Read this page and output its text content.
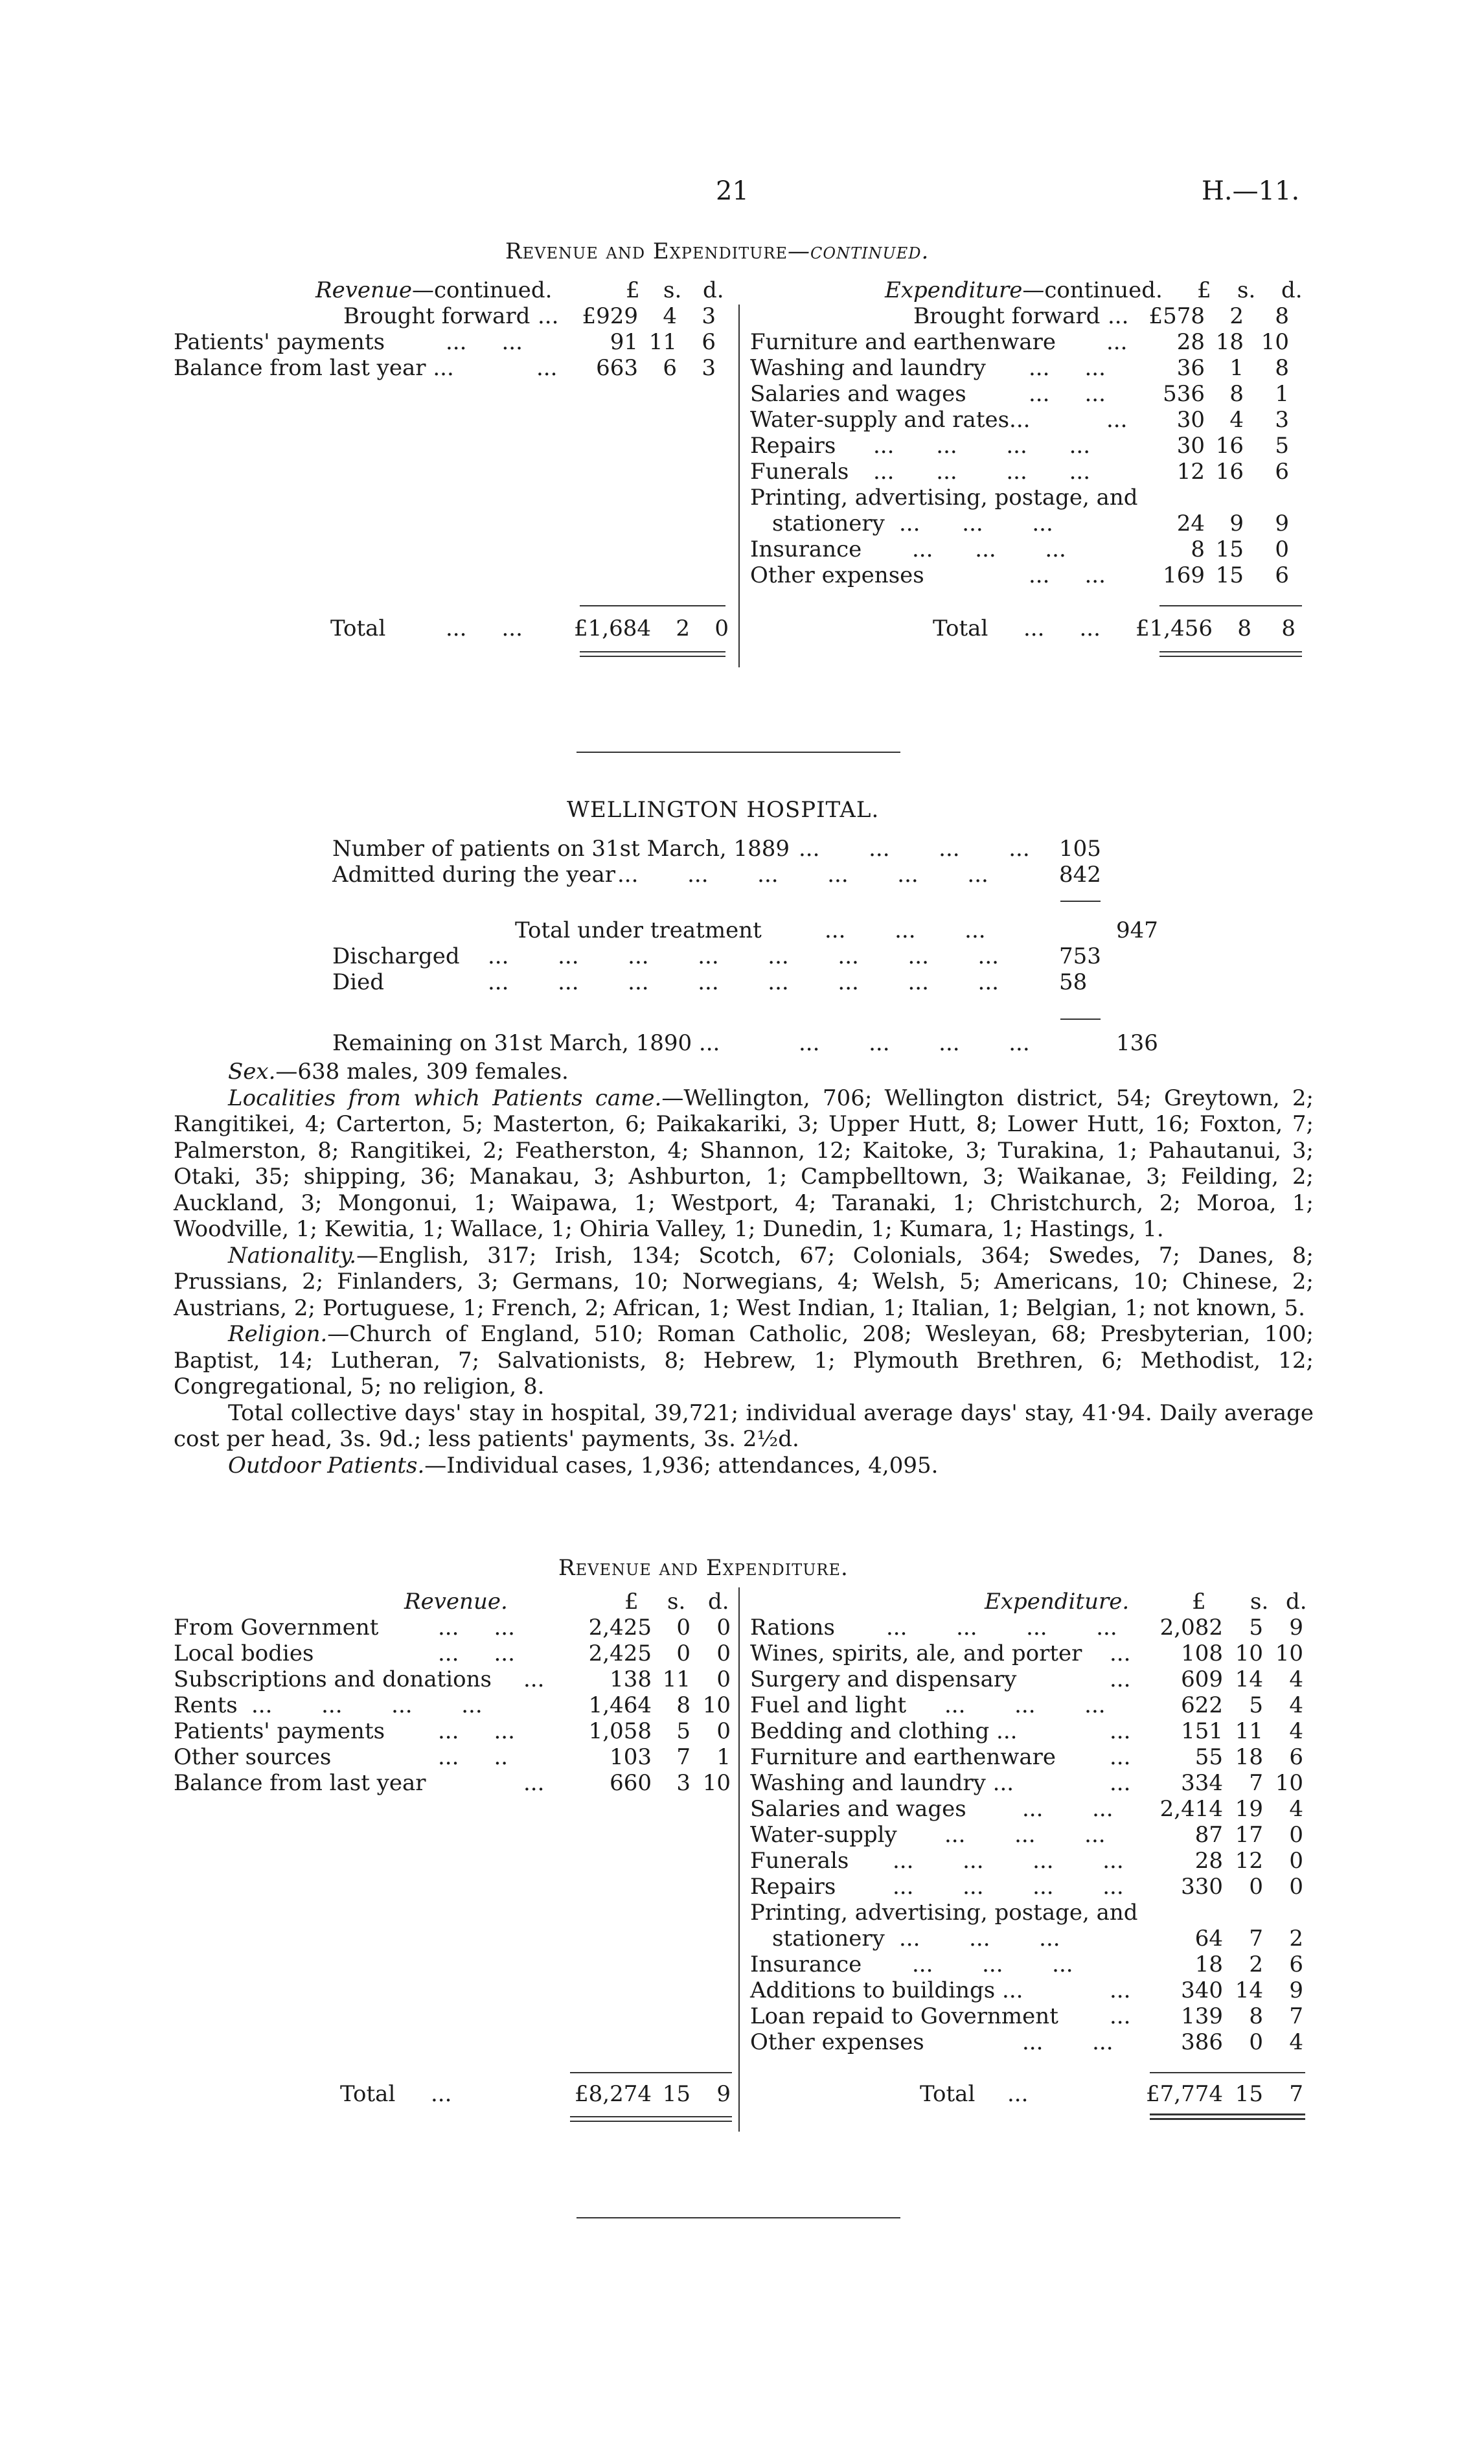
21	H.—11.
Revenue and Expenditure—continued.
Revenue—continued.	£ s. d.
Brought forward ...	£929	4	3
Patients' payments	...     ...	91 11	6
Balance from last year ...	...	663	6	3
Total	...     ... £1,684	2	0
Expenditure—continued. £ s. d.
Brought forward ... £578	2	8
Furniture and earthenware ...	28 18 10
Washing and laundry ...     ...	36	1	8
Salaries and wages	...     ...	536	8	1
Water-supply and rates...	...	30	4	3
Repairs ...      ...       ...      ...	30 16	5
Funerals ...      ...       ...      ...	12 16	6
Printing, advertising, postage, and
stationery ...      ...       ...	24	9	9
Insurance ...      ...       ...	8 15	0
Other expenses	...     ...	169 15	6
Total ...     ... £1,456	8	8
WELLINGTON HOSPITAL.
Number of patients on 31st March, 1889 ...       ...       ...       ... 105
Admitted during the year ...       ...       ...       ...       ...       ...	842
Total under treatment	...       ...       ...	947
Discharged ...       ...       ...       ...       ...       ...       ...       ...	753
Died	...       ...       ...       ...       ...       ...       ...       ...	58
Remaining on 31st March, 1890 ...	...       ...       ...       ...	136

Sex.—638 males, 309 females.

Localities from which Patients came.—Wellington, 706; Wellington district, 54; Greytown, 2; Rangitikei, 4; Carterton, 5; Masterton, 6; Paikakariki, 3; Upper Hutt, 8; Lower Hutt, 16; Foxton, 7; Palmerston, 8; Rangitikei, 2; Featherston, 4; Shannon, 12; Kaitoke, 3; Turakina, 1; Pahautanui, 3; Otaki, 35; shipping, 36; Manakau, 3; Ashburton, 1; Campbelltown, 3; Waikanae, 3; Feilding, 2; Auckland, 3; Mongonui, 1; Waipawa, 1; Westport, 4; Taranaki, 1; Christchurch, 2; Moroa, 1; Woodville, 1; Kewitia, 1; Wallace, 1; Ohiria Valley, 1; Dunedin, 1; Kumara, 1; Hastings, 1.

Nationality.—English, 317; Irish, 134; Scotch, 67; Colonials, 364; Swedes, 7; Danes, 8; Prussians, 2; Finlanders, 3; Germans, 10; Norwegians, 4; Welsh, 5; Americans, 10; Chinese, 2; Austrians, 2; Portuguese, 1; French, 2; African, 1; West Indian, 1; Italian, 1; Belgian, 1; not known, 5.

Religion.—Church of England, 510; Roman Catholic, 208; Wesleyan, 68; Presbyterian, 100; Baptist, 14; Lutheran, 7; Salvationists, 8; Hebrew, 1; Plymouth Brethren, 6; Methodist, 12; Congregational, 5; no religion, 8.

Total collective days' stay in hospital, 39,721; individual average days' stay, 41·94. Daily average cost per head, 3s. 9d.; less patients' payments, 3s. 2½d.

Outdoor Patients.—Individual cases, 1,936; attendances, 4,095.

Revenue and Expenditure.
Revenue.	£ s. d.
From Government	...     ...	2,425	0	0
Local bodies	...     ...	2,425	0	0
Subscriptions and donations ...	138 11	0
Rents ...       ...       ...       ...	1,464	8 10
Patients' payments ...     ...	1,058	5	0
Other sources	...     ..	103	7	1
Balance from last year	...	660	3 10
Total ...	£8,274 15	9
Expenditure.	£ s. d.
Rations ...       ...       ...       ...	2,082	5	9
Wines, spirits, ale, and porter ...	108 10 10
Surgery and dispensary	...	609 14	4
Fuel and light ...       ...       ...	622	5	4
Bedding and clothing ...	...	151 11	4
Furniture and earthenware ...	55 18	6
Washing and laundry ...	...	334	7 10
Salaries and wages	...       ...	2,414 19	4
Water-supply ...       ...       ...	87 17	0
Funerals ...       ...       ...       ...	28 12	0
Repairs	...       ...       ...       ...	330	0	0
Printing, advertising, postage, and
stationery ...       ...       ...	64	7	2
Insurance ...       ...       ...	18	2	6
Additions to buildings ...	...	340 14	9
Loan repaid to Government ...	139	8	7
Other expenses	...       ...	386	0	4
Total ...	£7,774 15	7
